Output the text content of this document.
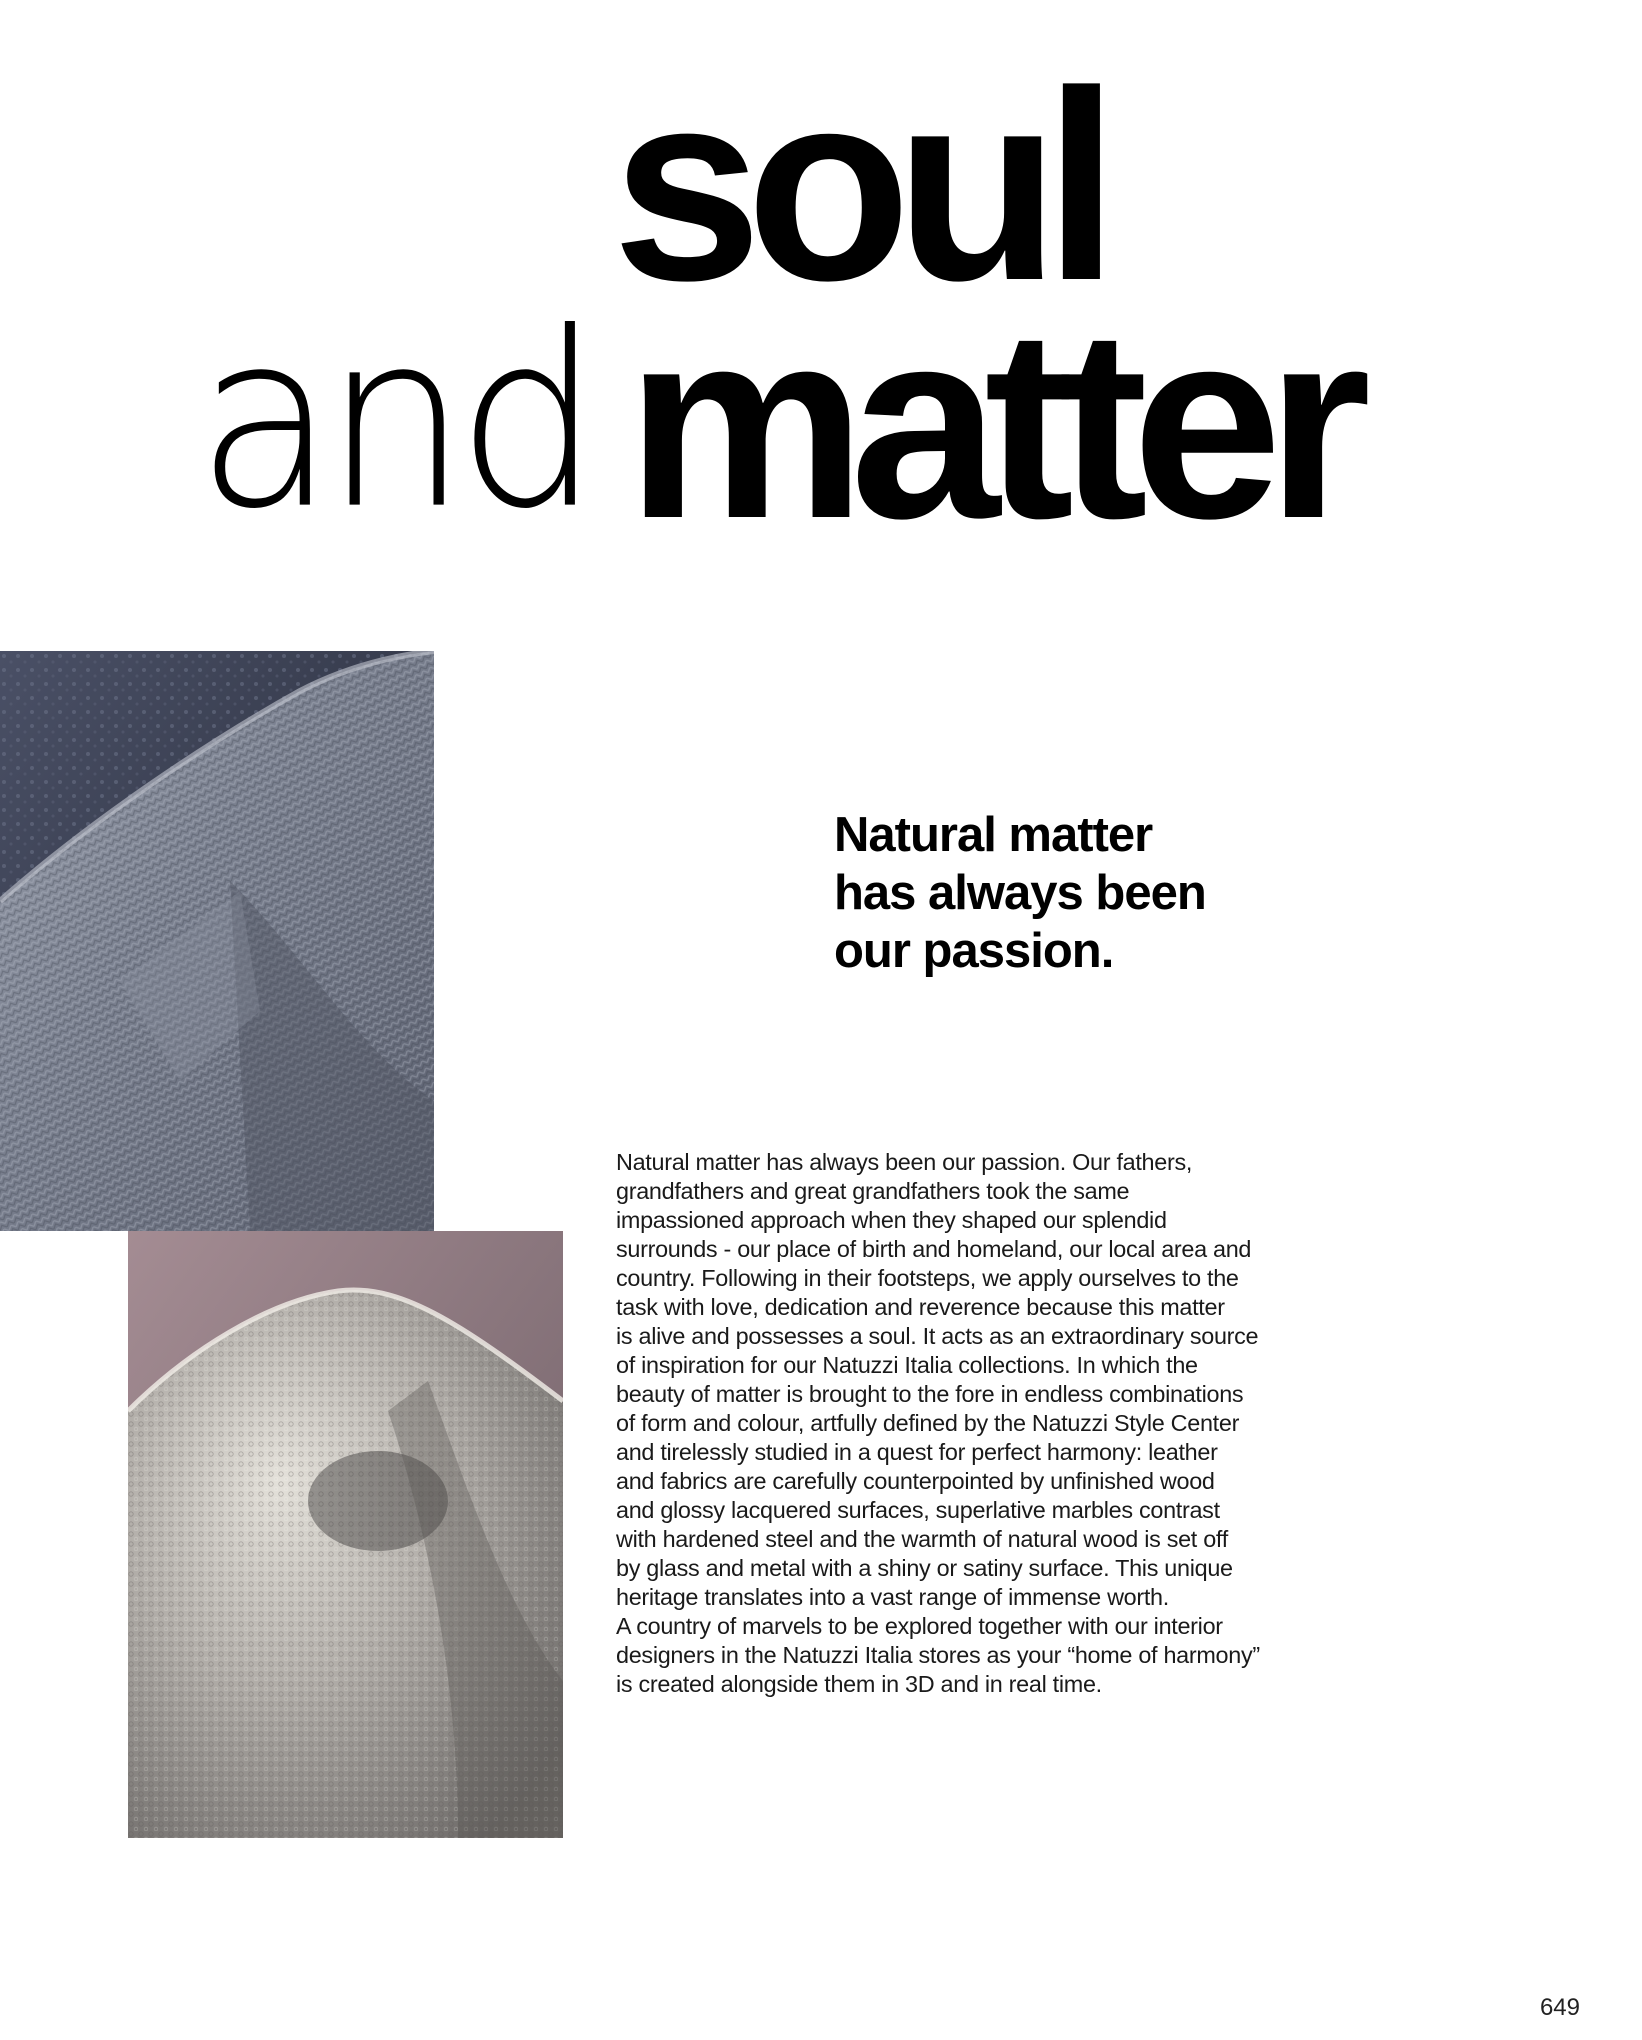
soul
and matter
Natural matter
has always been
our passion.

Natural matter has always been our passion. Our fathers,
grandfathers and great grandfathers took the same
impassioned approach when they shaped our splendid
surrounds - our place of birth and homeland, our local area and
country. Following in their footsteps, we apply ourselves to the
task with love, dedication and reverence because this matter
is alive and possesses a soul. It acts as an extraordinary source
of inspiration for our Natuzzi Italia collections. In which the
beauty of matter is brought to the fore in endless combinations
of form and colour, artfully defined by the Natuzzi Style Center
and tirelessly studied in a quest for perfect harmony: leather
and fabrics are carefully counterpointed by unfinished wood
and glossy lacquered surfaces, superlative marbles contrast
with hardened steel and the warmth of natural wood is set off
by glass and metal with a shiny or satiny surface. This unique
heritage translates into a vast range of immense worth.
A country of marvels to be explored together with our interior
designers in the Natuzzi Italia stores as your “home of harmony”
is created alongside them in 3D and in real time.

649
